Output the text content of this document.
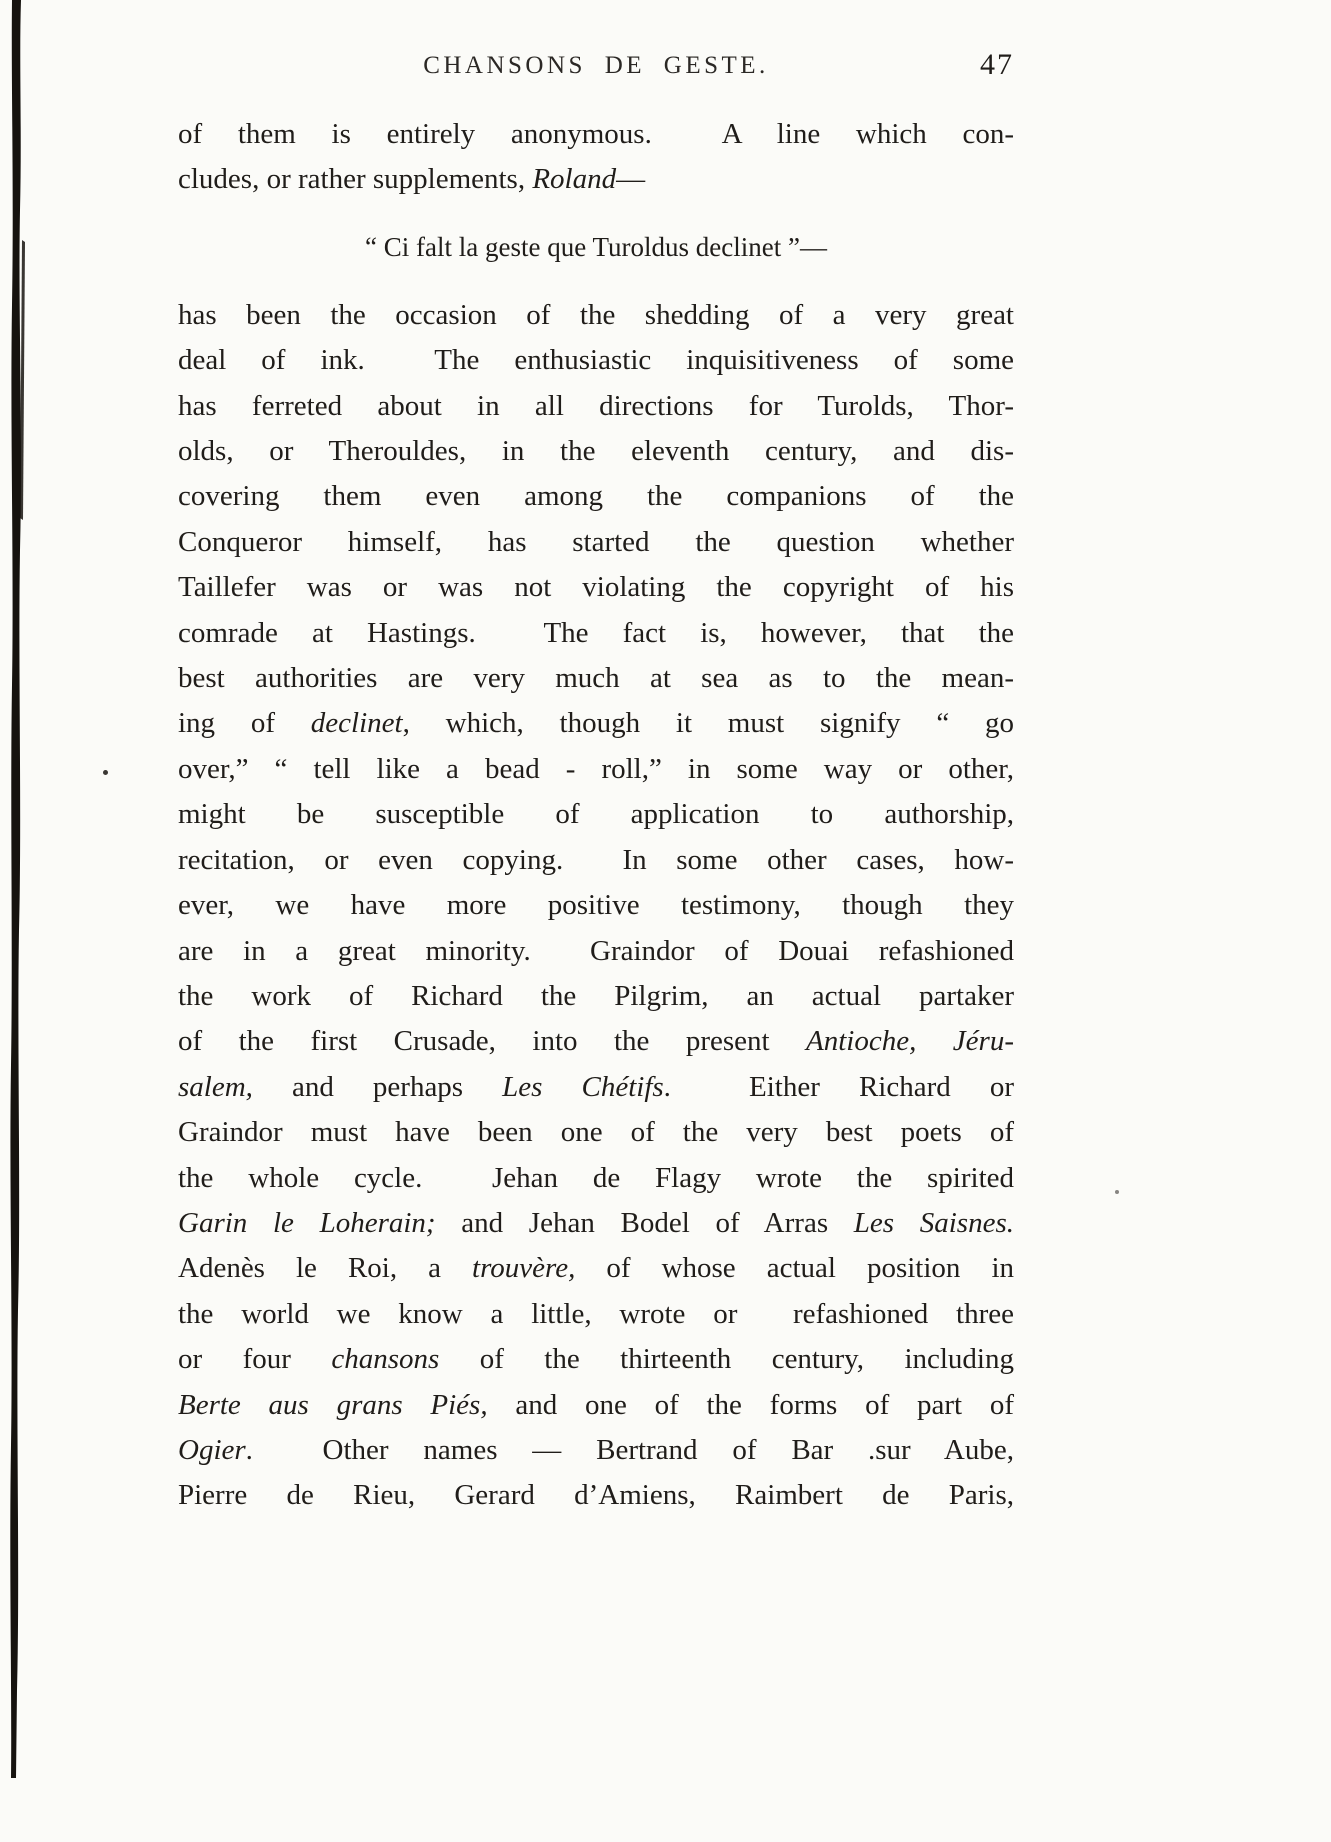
CHANSONS DE GESTE.	47
of them is entirely anonymous.  A line which con-
cludes, or rather supplements, Roland—
“ Ci falt la geste que Turoldus declinet ”—
has been the occasion of the shedding of a very great
deal of ink.  The enthusiastic inquisitiveness of some
has ferreted about in all directions for Turolds, Thor-
olds, or Therouldes, in the eleventh century, and dis-
covering them even among the companions of the
Conqueror himself, has started the question whether
Taillefer was or was not violating the copyright of his
comrade at Hastings.  The fact is, however, that the
best authorities are very much at sea as to the mean-
ing of declinet, which, though it must signify “ go
over,” “ tell like a bead - roll,” in some way or other,
might be susceptible of application to authorship,
recitation, or even copying.  In some other cases, how-
ever, we have more positive testimony, though they
are in a great minority.  Graindor of Douai refashioned
the work of Richard the Pilgrim, an actual partaker
of the first Crusade, into the present Antioche, Jéru-
salem, and perhaps Les Chétifs.  Either Richard or
Graindor must have been one of the very best poets of
the whole cycle.  Jehan de Flagy wrote the spirited
Garin le Loherain; and Jehan Bodel of Arras Les Saisnes.
Adenès le Roi, a trouvère, of whose actual position in
the world we know a little, wrote or  refashioned three
or four chansons of the thirteenth century, including
Berte aus grans Piés, and one of the forms of part of
Ogier.  Other names — Bertrand of Bar .sur Aube,
Pierre de Rieu, Gerard d’Amiens, Raimbert de Paris,
